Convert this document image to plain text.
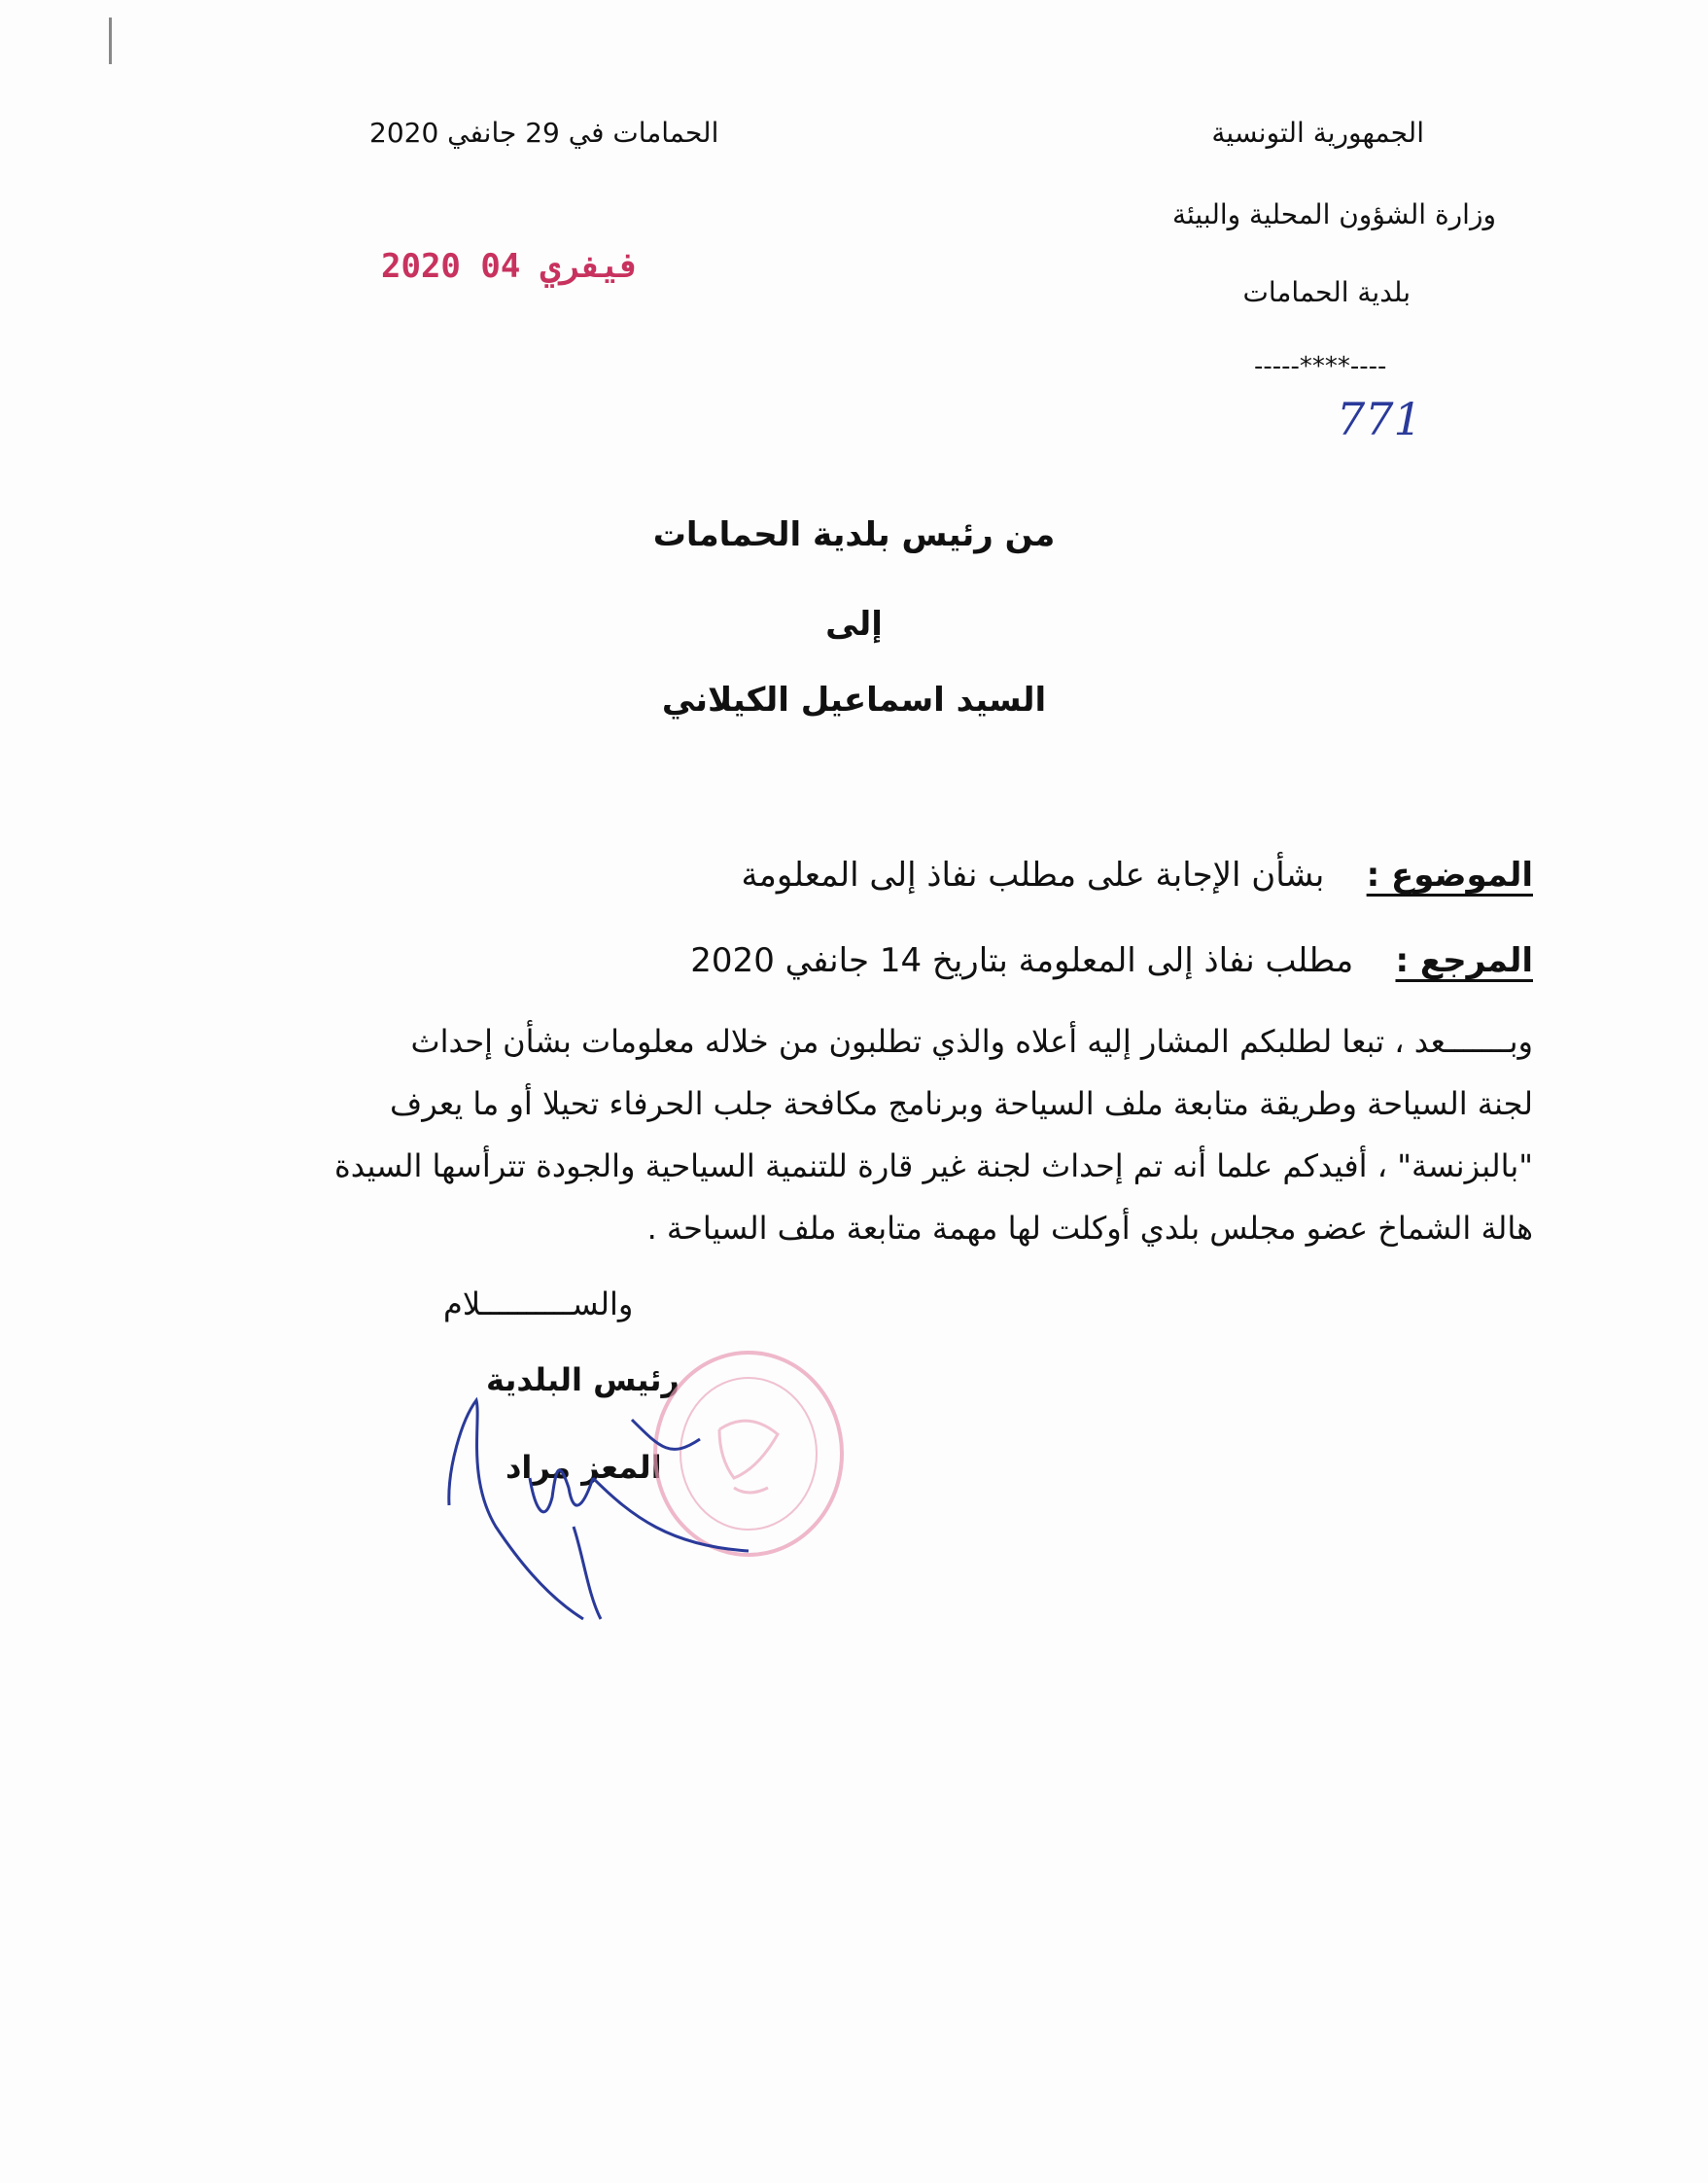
الجمهورية التونسية
وزارة الشؤون المحلية والبيئة
بلدية الحمامات
-----****----
771
الحمامات في 29 جانفي 2020
2020 فيفري 04
من رئيس بلدية الحمامات
إلى
السيد اسماعيل الكيلاني
الموضوع :    بشأن الإجابة على مطلب نفاذ إلى المعلومة
المرجع :    مطلب نفاذ إلى المعلومة بتاريخ 14 جانفي 2020
وبـــــــعد ، تبعا لطلبكم المشار إليه أعلاه والذي تطلبون من خلاله معلومات بشأن إحداث
لجنة السياحة وطريقة متابعة ملف السياحة وبرنامج مكافحة جلب الحرفاء تحيلا أو ما يعرف
"بالبزنسة" ، أفيدكم علما أنه تم إحداث لجنة غير قارة للتنمية السياحية والجودة تترأسها السيدة
هالة الشماخ عضو مجلس بلدي أوكلت لها مهمة متابعة ملف السياحة .
والســــــــــلام
رئيس البلدية
المعز مراد
